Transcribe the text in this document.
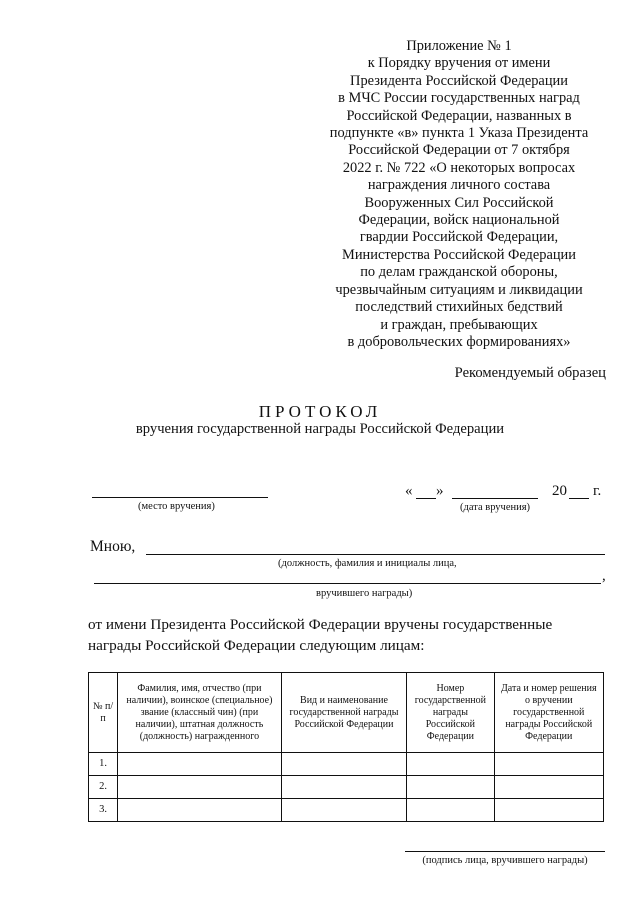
Приложение № 1
к Порядку вручения от имени
Президента Российской Федерации
в МЧС России государственных наград
Российской Федерации, названных в
подпункте «в» пункта 1 Указа Президента
Российской Федерации от 7 октября
2022 г. № 722 «О некоторых вопросах
награждения личного состава
Вооруженных Сил Российской
Федерации, войск национальной
гвардии Российской Федерации,
Министерства Российской Федерации
по делам гражданской обороны,
чрезвычайным ситуациям и ликвидации
последствий стихийных бедствий
и граждан, пребывающих
в добровольческих формированиях»
Рекомендуемый образец
ПРОТОКОЛ
вручения государственной награды Российской Федерации
(место вручения)
« »	20 г.
(дата вручения)
Мною,
(должность, фамилия и инициалы лица,
,
вручившего награды)
от имени Президента Российской Федерации вручены государственные награды Российской Федерации следующим лицам:
№ п/п	Фамилия, имя, отчество (при наличии), воинское (специальное) звание (классный чин) (при наличии), штатная должность (должность) награжденного	Вид и наименование государственной награды Российской Федерации	Номер государственной награды Российской Федерации	Дата и номер решения о вручении государственной награды Российской Федерации
1.				
2.				
3.				
(подпись лица, вручившего награды)
